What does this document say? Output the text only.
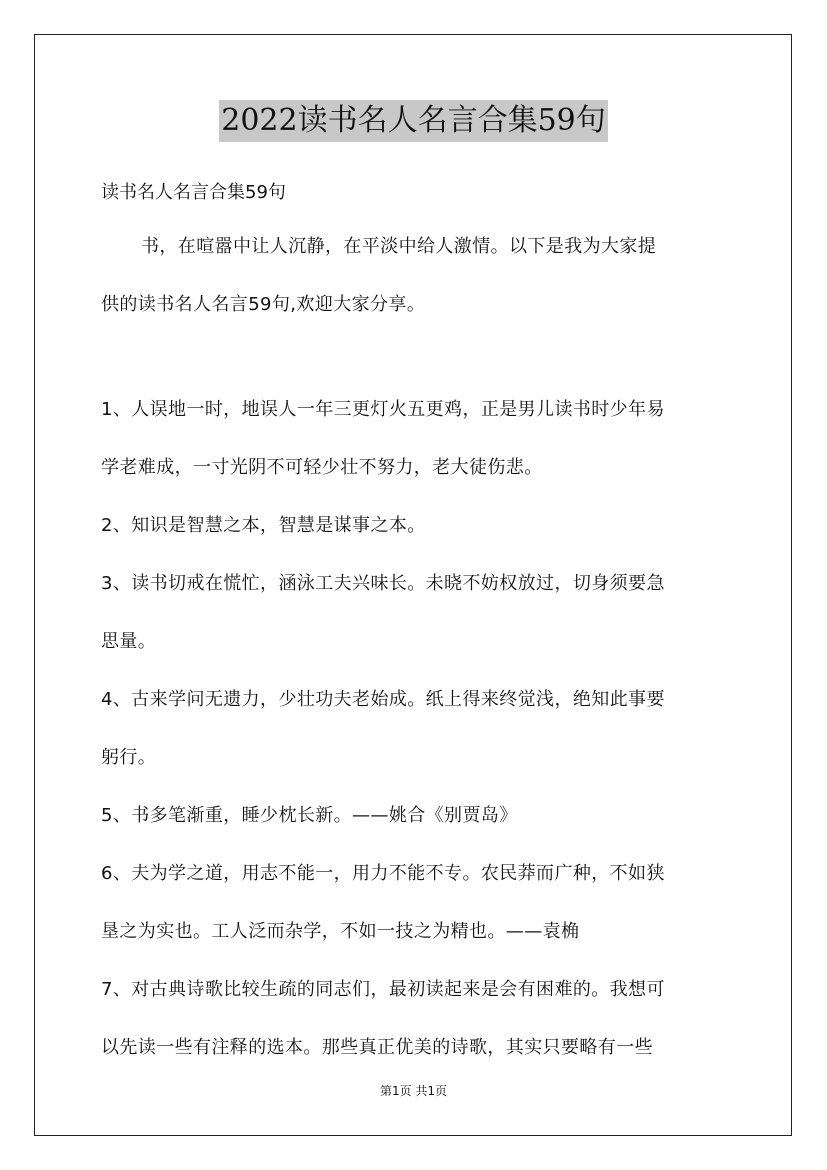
2022读书名人名言合集59句
读书名人名言合集59句
书，在喧嚣中让人沉静，在平淡中给人激情。以下是我为大家提
供的读书名人名言59句,欢迎大家分享。
1、人误地一时，地误人一年三更灯火五更鸡，正是男儿读书时少年易
学老难成，一寸光阴不可轻少壮不努力，老大徒伤悲。
2、知识是智慧之本，智慧是谋事之本。
3、读书切戒在慌忙，涵泳工夫兴味长。未晓不妨权放过，切身须要急
思量。
4、古来学问无遗力，少壮功夫老始成。纸上得来终觉浅，绝知此事要
躬行。
5、书多笔渐重，睡少枕长新。——姚合《别贾岛》
6、夫为学之道，用志不能一，用力不能不专。农民莽而广种，不如狭
垦之为实也。工人泛而杂学，不如一技之为精也。——袁桷
7、对古典诗歌比较生疏的同志们，最初读起来是会有困难的。我想可
以先读一些有注释的选本。那些真正优美的诗歌，其实只要略有一些
第1页 共1页
